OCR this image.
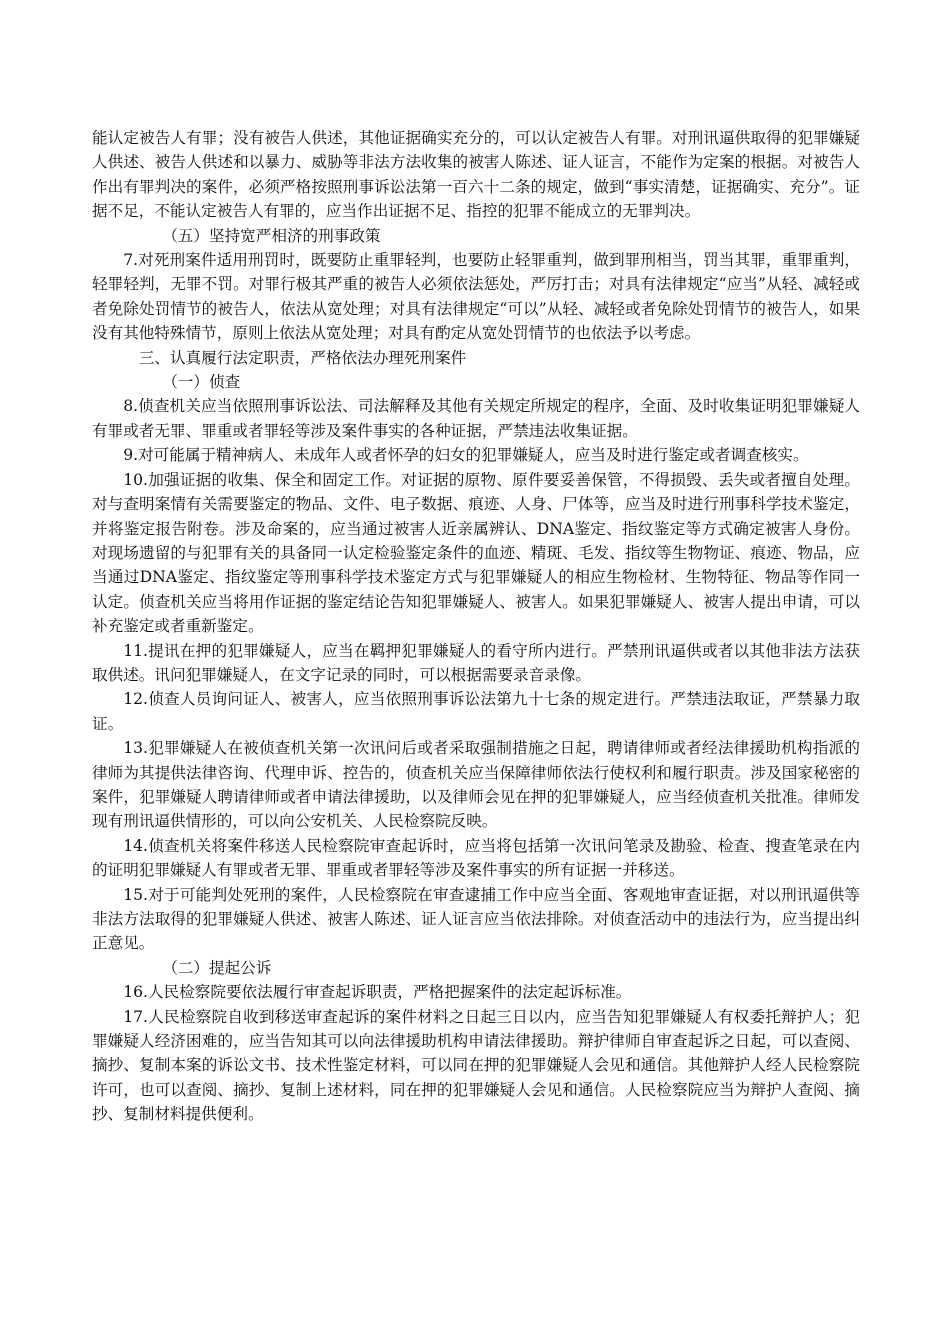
能认定被告人有罪；没有被告人供述，其他证据确实充分的，可以认定被告人有罪。对刑讯逼供取得的犯罪嫌疑人供述、被告人供述和以暴力、威胁等非法方法收集的被害人陈述、证人证言，不能作为定案的根据。对被告人作出有罪判决的案件，必须严格按照刑事诉讼法第一百六十二条的规定，做到“事实清楚，证据确实、充分”。证据不足，不能认定被告人有罪的，应当作出证据不足、指控的犯罪不能成立的无罪判决。

（五）坚持宽严相济的刑事政策

7.对死刑案件适用刑罚时，既要防止重罪轻判，也要防止轻罪重判，做到罪刑相当，罚当其罪，重罪重判，轻罪轻判，无罪不罚。对罪行极其严重的被告人必须依法惩处，严厉打击；对具有法律规定“应当”从轻、减轻或者免除处罚情节的被告人，依法从宽处理；对具有法律规定“可以”从轻、减轻或者免除处罚情节的被告人，如果没有其他特殊情节，原则上依法从宽处理；对具有酌定从宽处罚情节的也依法予以考虑。

三、认真履行法定职责，严格依法办理死刑案件

（一）侦查

8.侦查机关应当依照刑事诉讼法、司法解释及其他有关规定所规定的程序，全面、及时收集证明犯罪嫌疑人有罪或者无罪、罪重或者罪轻等涉及案件事实的各种证据，严禁违法收集证据。

9.对可能属于精神病人、未成年人或者怀孕的妇女的犯罪嫌疑人，应当及时进行鉴定或者调查核实。

10.加强证据的收集、保全和固定工作。对证据的原物、原件要妥善保管，不得损毁、丢失或者擅自处理。对与查明案情有关需要鉴定的物品、文件、电子数据、痕迹、人身、尸体等，应当及时进行刑事科学技术鉴定，并将鉴定报告附卷。涉及命案的，应当通过被害人近亲属辨认、DNA鉴定、指纹鉴定等方式确定被害人身份。对现场遗留的与犯罪有关的具备同一认定检验鉴定条件的血迹、精斑、毛发、指纹等生物物证、痕迹、物品，应当通过DNA鉴定、指纹鉴定等刑事科学技术鉴定方式与犯罪嫌疑人的相应生物检材、生物特征、物品等作同一认定。侦查机关应当将用作证据的鉴定结论告知犯罪嫌疑人、被害人。如果犯罪嫌疑人、被害人提出申请，可以补充鉴定或者重新鉴定。

11.提讯在押的犯罪嫌疑人，应当在羁押犯罪嫌疑人的看守所内进行。严禁刑讯逼供或者以其他非法方法获取供述。讯问犯罪嫌疑人，在文字记录的同时，可以根据需要录音录像。

12.侦查人员询问证人、被害人，应当依照刑事诉讼法第九十七条的规定进行。严禁违法取证，严禁暴力取证。

13.犯罪嫌疑人在被侦查机关第一次讯问后或者采取强制措施之日起，聘请律师或者经法律援助机构指派的律师为其提供法律咨询、代理申诉、控告的，侦查机关应当保障律师依法行使权利和履行职责。涉及国家秘密的案件，犯罪嫌疑人聘请律师或者申请法律援助，以及律师会见在押的犯罪嫌疑人，应当经侦查机关批准。律师发现有刑讯逼供情形的，可以向公安机关、人民检察院反映。

14.侦查机关将案件移送人民检察院审查起诉时，应当将包括第一次讯问笔录及勘验、检查、搜查笔录在内的证明犯罪嫌疑人有罪或者无罪、罪重或者罪轻等涉及案件事实的所有证据一并移送。

15.对于可能判处死刑的案件，人民检察院在审查逮捕工作中应当全面、客观地审查证据，对以刑讯逼供等非法方法取得的犯罪嫌疑人供述、被害人陈述、证人证言应当依法排除。对侦查活动中的违法行为，应当提出纠正意见。

（二）提起公诉

16.人民检察院要依法履行审查起诉职责，严格把握案件的法定起诉标准。

17.人民检察院自收到移送审查起诉的案件材料之日起三日以内，应当告知犯罪嫌疑人有权委托辩护人；犯罪嫌疑人经济困难的，应当告知其可以向法律援助机构申请法律援助。辩护律师自审查起诉之日起，可以查阅、摘抄、复制本案的诉讼文书、技术性鉴定材料，可以同在押的犯罪嫌疑人会见和通信。其他辩护人经人民检察院许可，也可以查阅、摘抄、复制上述材料，同在押的犯罪嫌疑人会见和通信。人民检察院应当为辩护人查阅、摘抄、复制材料提供便利。
